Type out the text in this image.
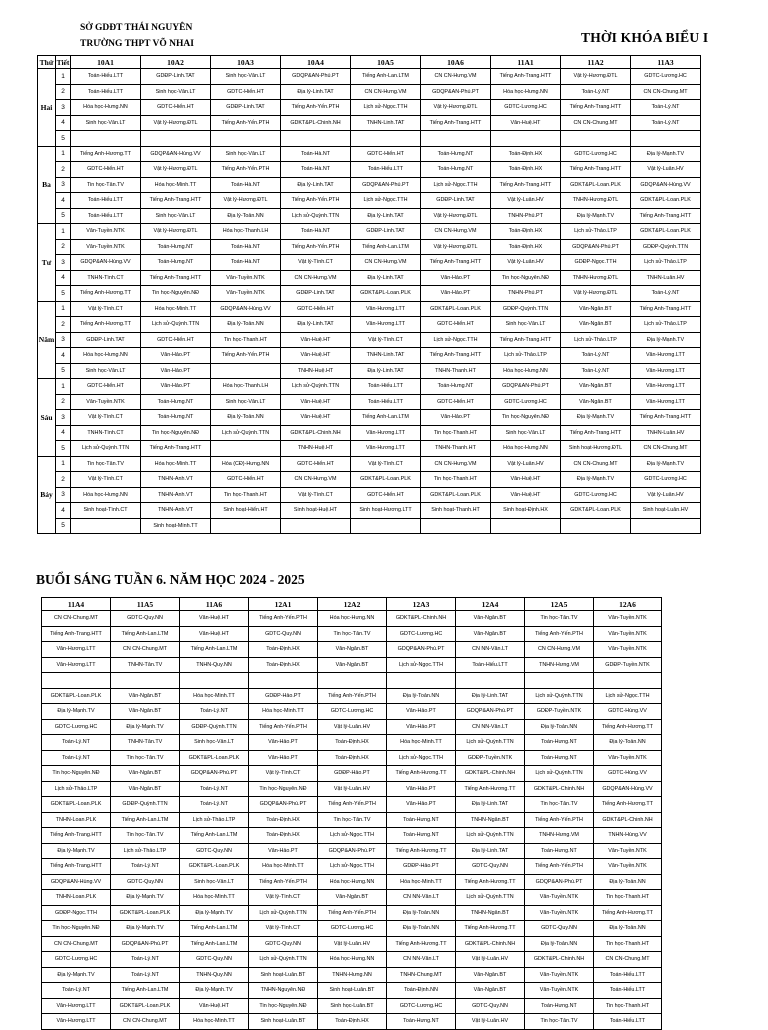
SỞ GDĐT THÁI NGUYÊN
TRƯỜNG THPT VÕ NHAI	THỜI KHÓA BIỂU I
Thứ	Tiết	10A1	10A2	10A3	10A4	10A5	10A6	11A1	11A2	11A3
Hai	1	Toán-Hiếu.LTT	GDĐP-Linh.TAT	Sinh học-Vân.LT	GDQP&AN-Phú.PT	Tiếng Anh-Lan.LTM	CN CN-Hưng.VM	Tiếng Anh-Trang.HTT	Vật lý-Hương.ĐTL	GDTC-Lương.HC
	2	Toán-Hiếu.LTT	Sinh học-Vân.LT	GDTC-Hiển.HT	Địa lý-Linh.TAT	CN CN-Hưng.VM	GDQP&AN-Phú.PT	Hóa học-Hưng.NN	Toán-Lý.NT	CN CN-Chung.MT
	3	Hóa học-Hưng.NN	GDTC-Hiển.HT	GDĐP-Linh.TAT	Tiếng Anh-Yến.PTH	Lịch sử-Ngọc.TTH	Vật lý-Hương.ĐTL	GDTC-Lương.HC	Tiếng Anh-Trang.HTT	Toán-Lý.NT
	4	Sinh học-Vân.LT	Vật lý-Hương.ĐTL	Tiếng Anh-Yến.PTH	GDKT&PL-Chinh.NH	TNHN-Linh.TAT	Tiếng Anh-Trang.HTT	Văn-Huệ.HT	CN CN-Chung.MT	Toán-Lý.NT
	5									
Ba	1	Tiếng Anh-Hương.TT	GDQP&AN-Hùng.VV	Sinh học-Vân.LT	Toán-Hà.NT	GDTC-Hiển.HT	Toán-Hưng.NT	Toán-Định.HX	GDTC-Lương.HC	Địa lý-Mạnh.TV
	2	GDTC-Hiển.HT	Vật lý-Hương.ĐTL	Tiếng Anh-Yến.PTH	Toán-Hà.NT	Toán-Hiếu.LTT	Toán-Hưng.NT	Toán-Định.HX	Tiếng Anh-Trang.HTT	Vật lý-Luân.HV
	3	Tin học-Tân.TV	Hóa học-Minh.TT	Toán-Hà.NT	Địa lý-Linh.TAT	GDQP&AN-Phú.PT	Lịch sử-Ngọc.TTH	Tiếng Anh-Trang.HTT	GDKT&PL-Loan.PLK	GDQP&AN-Hùng.VV
	4	Toán-Hiếu.LTT	Tiếng Anh-Trang.HTT	Vật lý-Hương.ĐTL	Tiếng Anh-Yến.PTH	Lịch sử-Ngọc.TTH	GDĐP-Linh.TAT	Vật lý-Luân.HV	TNHN-Hương.ĐTL	GDKT&PL-Loan.PLK
	5	Toán-Hiếu.LTT	Sinh học-Vân.LT	Địa lý-Toản.NN	Lịch sử-Quỳnh.TTN	Địa lý-Linh.TAT	Vật lý-Hương.ĐTL	TNHN-Phú.PT	Địa lý-Mạnh.TV	Tiếng Anh-Trang.HTT
Tư	1	Văn-Tuyền.NTK	Vật lý-Hương.ĐTL	Hóa học-Thanh.LH	Toán-Hà.NT	GDĐP-Linh.TAT	CN CN-Hưng.VM	Toán-Định.HX	Lịch sử-Thảo.LTP	GDKT&PL-Loan.PLK
	2	Văn-Tuyền.NTK	Toán-Hưng.NT	Toán-Hà.NT	Tiếng Anh-Yến.PTH	Tiếng Anh-Lan.LTM	Vật lý-Hương.ĐTL	Toán-Định.HX	GDQP&AN-Phú.PT	GDĐP-Quỳnh.TTN
	3	GDQP&AN-Hùng.VV	Toán-Hưng.NT	Toán-Hà.NT	Vật lý-Tình.CT	CN CN-Hưng.VM	Tiếng Anh-Trang.HTT	Vật lý-Luân.HV	GDĐP-Ngọc.TTH	Lịch sử-Thảo.LTP
	4	TNHN-Tình.CT	Tiếng Anh-Trang.HTT	Văn-Tuyền.NTK	CN CN-Hưng.VM	Địa lý-Linh.TAT	Văn-Hảo.PT	Tin học-Nguyên.NĐ	TNHN-Hương.ĐTL	TNHN-Luân.HV
	5	Tiếng Anh-Hương.TT	Tin học-Nguyên.NĐ	Văn-Tuyền.NTK	GDĐP-Linh.TAT	GDKT&PL-Loan.PLK	Văn-Hảo.PT	TNHN-Phú.PT	Vật lý-Hương.ĐTL	Toán-Lý.NT
Năm	1	Vật lý-Tình.CT	Hóa học-Minh.TT	GDQP&AN-Hùng.VV	GDTC-Hiển.HT	Văn-Hương.LTT	GDKT&PL-Loan.PLK	GDĐP-Quỳnh.TTN	Văn-Ngân.BT	Tiếng Anh-Trang.HTT
	2	Tiếng Anh-Hương.TT	Lịch sử-Quỳnh.TTN	Địa lý-Toản.NN	Địa lý-Linh.TAT	Văn-Hương.LTT	GDTC-Hiển.HT	Sinh học-Vân.LT	Văn-Ngân.BT	Lịch sử-Thảo.LTP
	3	GDĐP-Linh.TAT	GDTC-Hiển.HT	Tin học-Thanh.HT	Văn-Huệ.HT	Vật lý-Tình.CT	Lịch sử-Ngọc.TTH	Tiếng Anh-Trang.HTT	Lịch sử-Thảo.LTP	Địa lý-Mạnh.TV
	4	Hóa học-Hưng.NN	Văn-Hảo.PT	Tiếng Anh-Yến.PTH	Văn-Huệ.HT	TNHN-Linh.TAT	Tiếng Anh-Trang.HTT	Lịch sử-Thảo.LTP	Toán-Lý.NT	Văn-Hương.LTT
	5	Sinh học-Vân.LT	Văn-Hảo.PT		TNHN-Huệ.HT	Địa lý-Linh.TAT	TNHN-Thanh.HT	Hóa học-Hưng.NN	Toán-Lý.NT	Văn-Hương.LTT
Sáu	1	GDTC-Hiển.HT	Văn-Hảo.PT	Hóa học-Thanh.LH	Lịch sử-Quỳnh.TTN	Toán-Hiếu.LTT	Toán-Hưng.NT	GDQP&AN-Phú.PT	Văn-Ngân.BT	Văn-Hương.LTT
	2	Văn-Tuyền.NTK	Toán-Hưng.NT	Sinh học-Vân.LT	Văn-Huệ.HT	Toán-Hiếu.LTT	GDTC-Hiển.HT	GDTC-Lương.HC	Văn-Ngân.BT	Văn-Hương.LTT
	3	Vật lý-Tình.CT	Toán-Hưng.NT	Địa lý-Toản.NN	Văn-Huệ.HT	Tiếng Anh-Lan.LTM	Văn-Hảo.PT	Tin học-Nguyên.NĐ	Địa lý-Mạnh.TV	Tiếng Anh-Trang.HTT
	4	TNHN-Tình.CT	Tin học-Nguyên.NĐ	Lịch sử-Quỳnh.TTN	GDKT&PL-Chinh.NH	Văn-Hương.LTT	Tin học-Thanh.HT	Sinh học-Vân.LT	Tiếng Anh-Trang.HTT	TNHN-Luân.HV
	5	Lịch sử-Quỳnh.TTN	Tiếng Anh-Trang.HTT		TNHN-Huệ.HT	Văn-Hương.LTT	TNHN-Thanh.HT	Hóa học-Hưng.NN	Sinh hoạt-Hương.ĐTL	CN CN-Chung.MT
Bảy	1	Tin học-Tân.TV	Hóa học-Minh.TT	Hóa (CĐ)-Hưng.NN	GDTC-Hiển.HT	Vật lý-Tình.CT	CN CN-Hưng.VM	Vật lý-Luân.HV	CN CN-Chung.MT	Địa lý-Mạnh.TV
	2	Vật lý-Tình.CT	TNHN-Anh.VT	GDTC-Hiển.HT	CN CN-Hưng.VM	GDKT&PL-Loan.PLK	Tin học-Thanh.HT	Văn-Huệ.HT	Địa lý-Mạnh.TV	GDTC-Lương.HC
	3	Hóa học-Hưng.NN	TNHN-Anh.VT	Tin học-Thanh.HT	Vật lý-Tình.CT	GDTC-Hiển.HT	GDKT&PL-Loan.PLK	Văn-Huệ.HT	GDTC-Lương.HC	Vật lý-Luân.HV
	4	Sinh hoạt-Tình.CT	TNHN-Anh.VT	Sinh hoạt-Hiển.HT	Sinh hoạt-Huệ.HT	Sinh hoạt-Hương.LTT	Sinh hoạt-Thanh.HT	Sinh hoạt-Định.HX	GDKT&PL-Loan.PLK	Sinh hoạt-Luân.HV
	5		Sinh hoạt-Minh.TT							
BUỔI SÁNG TUẦN 6. NĂM HỌC 2024 - 2025
11A4	11A5	11A6	12A1	12A2	12A3	12A4	12A5	12A6
CN CN-Chung.MT	GDTC-Quy.NN	Văn-Huệ.HT	Tiếng Anh-Yến.PTH	Hóa học-Hưng.NN	GDKT&PL-Chinh.NH	Văn-Ngân.BT	Tin học-Tân.TV	Văn-Tuyền.NTK
Tiếng Anh-Trang.HTT	Tiếng Anh-Lan.LTM	Văn-Huệ.HT	GDTC-Quy.NN	Tin học-Tân.TV	GDTC-Lương.HC	Văn-Ngân.BT	Tiếng Anh-Yến.PTH	Văn-Tuyền.NTK
Văn-Hương.LTT	CN CN-Chung.MT	Tiếng Anh-Lan.LTM	Toán-Định.HX	Văn-Ngân.BT	GDQP&AN-Phú.PT	CN NN-Văn.LT	CN CN-Hưng.VM	Văn-Tuyền.NTK
Văn-Hương.LTT	TNHN-Tân.TV	TNHN-Quy.NN	Toán-Định.HX	Văn-Ngân.BT	Lịch sử-Ngọc.TTH	Toán-Hiếu.LTT	TNHN-Hưng.VM	GDĐP-Tuyền.NTK

GDKT&PL-Loan.PLK	Văn-Ngân.BT	Hóa học-Minh.TT	GDĐP-Hảo.PT	Tiếng Anh-Yến.PTH	Địa lý-Toản.NN	Địa lý-Linh.TAT	Lịch sử-Quỳnh.TTN	Lịch sử-Ngọc.TTH
Địa lý-Mạnh.TV	Văn-Ngân.BT	Toán-Lý.NT	Hóa học-Minh.TT	GDTC-Lương.HC	Văn-Hảo.PT	GDQP&AN-Phú.PT	GDĐP-Tuyền.NTK	GDTC-Hùng.VV
GDTC-Lương.HC	Địa lý-Mạnh.TV	GDĐP-Quỳnh.TTN	Tiếng Anh-Yến.PTH	Vật lý-Luân.HV	Văn-Hảo.PT	CN NN-Văn.LT	Địa lý-Toản.NN	Tiếng Anh-Hương.TT
Toán-Lý.NT	TNHN-Tân.TV	Sinh học-Vân.LT	Văn-Hảo.PT	Toán-Định.HX	Hóa học-Minh.TT	Lịch sử-Quỳnh.TTN	Toán-Hưng.NT	Địa lý-Toản.NN
Toán-Lý.NT	Tin học-Tân.TV	GDKT&PL-Loan.PLK	Văn-Hảo.PT	Toán-Định.HX	Lịch sử-Ngọc.TTH	GDĐP-Tuyền.NTK	Toán-Hưng.NT	Văn-Tuyền.NTK
Tin học-Nguyên.NĐ	Văn-Ngân.BT	GDQP&AN-Phú.PT	Vật lý-Tình.CT	GDĐP-Hảo.PT	Tiếng Anh-Hương.TT	GDKT&PL-Chinh.NH	Lịch sử-Quỳnh.TTN	GDTC-Hùng.VV
Lịch sử-Thảo.LTP	Văn-Ngân.BT	Toán-Lý.NT	Tin học-Nguyên.NĐ	Vật lý-Luân.HV	Văn-Hảo.PT	Tiếng Anh-Hương.TT	GDKT&PL-Chinh.NH	GDQP&AN-Hùng.VV
GDKT&PL-Loan.PLK	GDĐP-Quỳnh.TTN	Toán-Lý.NT	GDQP&AN-Phú.PT	Tiếng Anh-Yến.PTH	Văn-Hảo.PT	Địa lý-Linh.TAT	Tin học-Tân.TV	Tiếng Anh-Hương.TT
TNHN-Loan.PLK	Tiếng Anh-Lan.LTM	Lịch sử-Thảo.LTP	Toán-Định.HX	Tin học-Tân.TV	Toán-Hưng.NT	TNHN-Ngân.BT	Tiếng Anh-Yến.PTH	GDKT&PL-Chinh.NH
Tiếng Anh-Trang.HTT	Tin học-Tân.TV	Tiếng Anh-Lan.LTM	Toán-Định.HX	Lịch sử-Ngọc.TTH	Toán-Hưng.NT	Lịch sử-Quỳnh.TTN	TNHN-Hưng.VM	TNHN-Hùng.VV
Địa lý-Mạnh.TV	Lịch sử-Thảo.LTP	GDTC-Quy.NN	Văn-Hảo.PT	GDQP&AN-Phú.PT	Tiếng Anh-Hương.TT	Địa lý-Linh.TAT	Toán-Hưng.NT	Văn-Tuyền.NTK
Tiếng Anh-Trang.HTT	Toán-Lý.NT	GDKT&PL-Loan.PLK	Hóa học-Minh.TT	Lịch sử-Ngọc.TTH	GDĐP-Hảo.PT	GDTC-Quy.NN	Tiếng Anh-Yến.PTH	Văn-Tuyền.NTK
GDQP&AN-Hùng.VV	GDTC-Quy.NN	Sinh học-Vân.LT	Tiếng Anh-Yến.PTH	Hóa học-Hưng.NN	Hóa học-Minh.TT	Tiếng Anh-Hương.TT	GDQP&AN-Phú.PT	Địa lý-Toản.NN
TNHN-Loan.PLK	Địa lý-Mạnh.TV	Hóa học-Minh.TT	Vật lý-Tình.CT	Văn-Ngân.BT	CN NN-Văn.LT	Lịch sử-Quỳnh.TTN	Văn-Tuyền.NTK	Tin học-Thanh.HT
GDĐP-Ngọc.TTH	GDKT&PL-Loan.PLK	Địa lý-Mạnh.TV	Lịch sử-Quỳnh.TTN	Tiếng Anh-Yến.PTH	Địa lý-Toản.NN	TNHN-Ngân.BT	Văn-Tuyền.NTK	Tiếng Anh-Hương.TT
Tin học-Nguyên.NĐ	Địa lý-Mạnh.TV	Tiếng Anh-Lan.LTM	Vật lý-Tình.CT	GDTC-Lương.HC	Địa lý-Toản.NN	Tiếng Anh-Hương.TT	GDTC-Quy.NN	Địa lý-Toản.NN
CN CN-Chung.MT	GDQP&AN-Phú.PT	Tiếng Anh-Lan.LTM	GDTC-Quy.NN	Vật lý-Luân.HV	Tiếng Anh-Hương.TT	GDKT&PL-Chinh.NH	Địa lý-Toản.NN	Tin học-Thanh.HT
GDTC-Lương.HC	Toán-Lý.NT	GDTC-Quy.NN	Lịch sử-Quỳnh.TTN	Hóa học-Hưng.NN	CN NN-Văn.LT	Vật lý-Luân.HV	GDKT&PL-Chinh.NH	CN CN-Chung.MT
Địa lý-Mạnh.TV	Toán-Lý.NT	TNHN-Quy.NN	Sinh hoạt-Luân.BT	TNHN-Hưng.NN	TNHN-Chung.MT	Văn-Ngân.BT	Văn-Tuyền.NTK	Toán-Hiếu.LTT
Toán-Lý.NT	Tiếng Anh-Lan.LTM	Địa lý-Mạnh.TV	TNHN-Nguyên.NĐ	Sinh hoạt-Luân.BT	Toán-Định.NN	Văn-Ngân.BT	Văn-Tuyền.NTK	Toán-Hiếu.LTT
Văn-Hương.LTT	GDKT&PL-Loan.PLK	Văn-Huệ.HT	Tin học-Nguyên.NĐ	Sinh học-Luân.BT	GDTC-Lương.HC	GDTC-Quy.NN	Toán-Hưng.NT	Tin học-Thanh.HT
Văn-Hương.LTT	CN CN-Chung.MT	Hóa học-Minh.TT	Sinh hoạt-Luân.BT	Toán-Định.HX	Toán-Hưng.NT	Vật lý-Luân.HV	Tin học-Tân.TV	Toán-Hiếu.LTT
